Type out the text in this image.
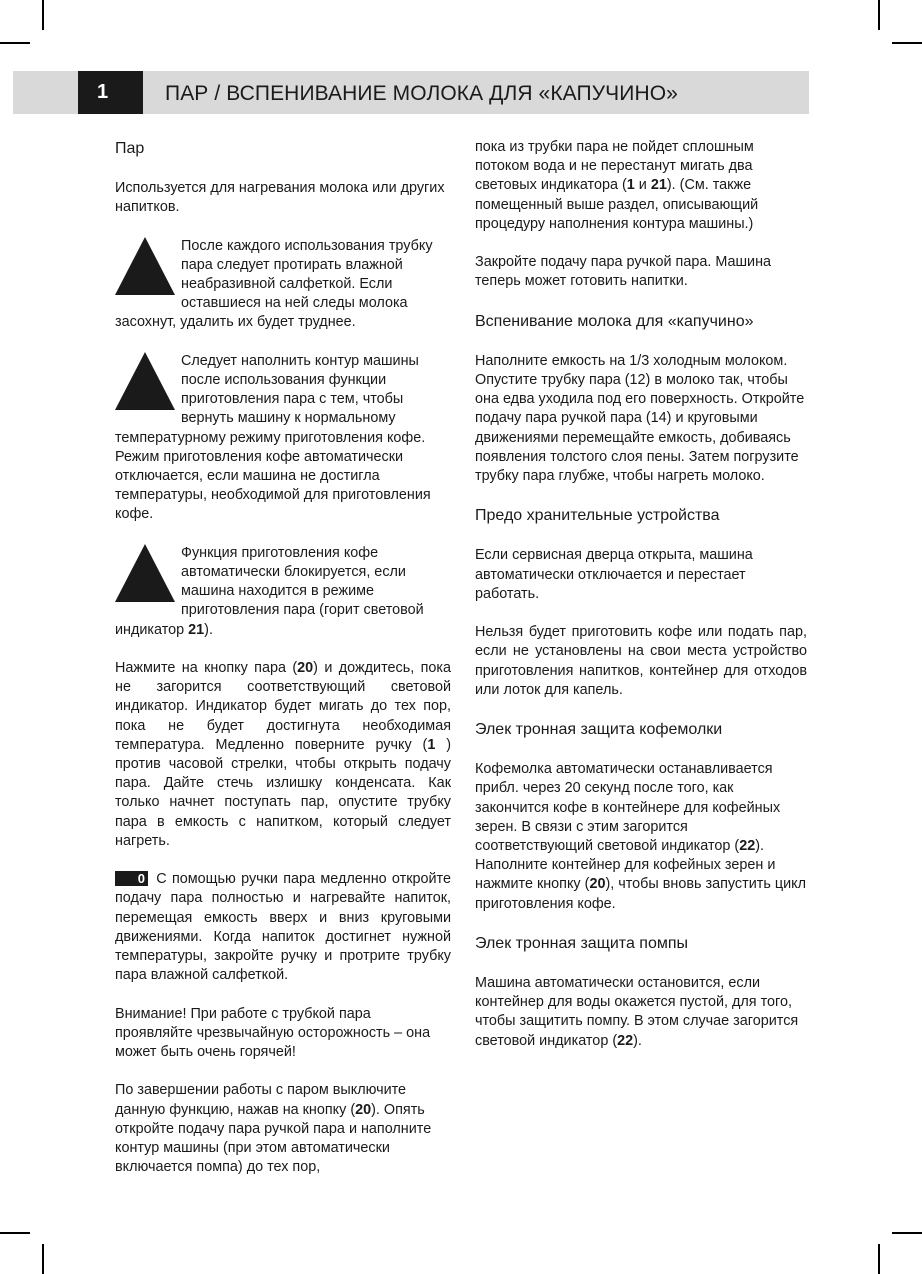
1	ПАР / ВСПЕНИВАНИЕ МОЛОКА ДЛЯ «КАПУЧИНО»
Пар

Используется для нагревания молока или других напитков.

После каждого использования трубку пара следует протирать влажной неабразивной салфеткой. Если оставшиеся на ней следы молока засохнут, удалить их будет труднее.

Следует наполнить контур машины после использования функции приготовления пара с тем, чтобы вернуть машину к нормальному температурному режиму приготовления кофе. Режим приготовления кофе автоматически отключается, если машина не достигла температуры, необходимой для приготовления кофе.

Функция приготовления кофе автоматически блокируется, если машина находится в режиме приготовления пара (горит световой индикатор 21).

Нажмите на кнопку пара (20) и дождитесь, пока не загорится соответствующий световой индикатор. Индикатор будет мигать до тех пор, пока не будет достигнута необходимая температура. Медленно поверните ручку (1 ) против часовой стрелки, чтобы открыть подачу пара. Дайте стечь излишку конденсата. Как только начнет поступать пар, опустите трубку пара в емкость с напитком, который следует нагреть.

0 С помощью ручки пара медленно откройте подачу пара полностью и нагревайте напиток, перемещая емкость вверх и вниз круговыми движениями. Когда напиток достигнет нужной температуры, закройте ручку и протрите трубку пара влажной салфеткой.

Внимание! При работе с трубкой пара проявляйте чрезвычайную осторожность – она может быть очень горячей!

По завершении работы с паром выключите данную функцию, нажав на кнопку (20). Опять откройте подачу пара ручкой пара и наполните контур машины (при этом автоматически включается помпа) до тех пор,

пока из трубки пара не пойдет сплошным потоком вода и не перестанут мигать два световых индикатора (1 и 21). (См. также помещенный выше раздел, описывающий процедуру наполнения контура машины.)

Закройте подачу пара ручкой пара. Машина теперь может готовить напитки.

Вспенивание молока для «капучино»

Наполните емкость на 1/3 холодным молоком. Опустите трубку пара (12) в молоко так, чтобы она едва уходила под его поверхность. Откройте подачу пара ручкой пара (14) и круговыми движениями перемещайте емкость, добиваясь появления толстого слоя пены. Затем погрузите трубку пара глубже, чтобы нагреть молоко.

Предо хранительные устройства

Если сервисная дверца открыта, машина автоматически отключается и перестает работать.

Нельзя будет приготовить кофе или подать пар, если не установлены на свои места устройство приготовления напитков, контейнер для отходов или лоток для капель.

Элек тронная защита кофемолки

Кофемолка автоматически останавливается прибл. через 20 секунд после того, как закончится кофе в контейнере для кофейных зерен. В связи с этим загорится соответствующий световой индикатор (22). Наполните контейнер для кофейных зерен и нажмите кнопку (20), чтобы вновь запустить цикл приготовления кофе.

Элек тронная защита помпы

Машина автоматически остановится, если контейнер для воды окажется пустой, для того, чтобы защитить помпу. В этом случае загорится световой индикатор (22).
